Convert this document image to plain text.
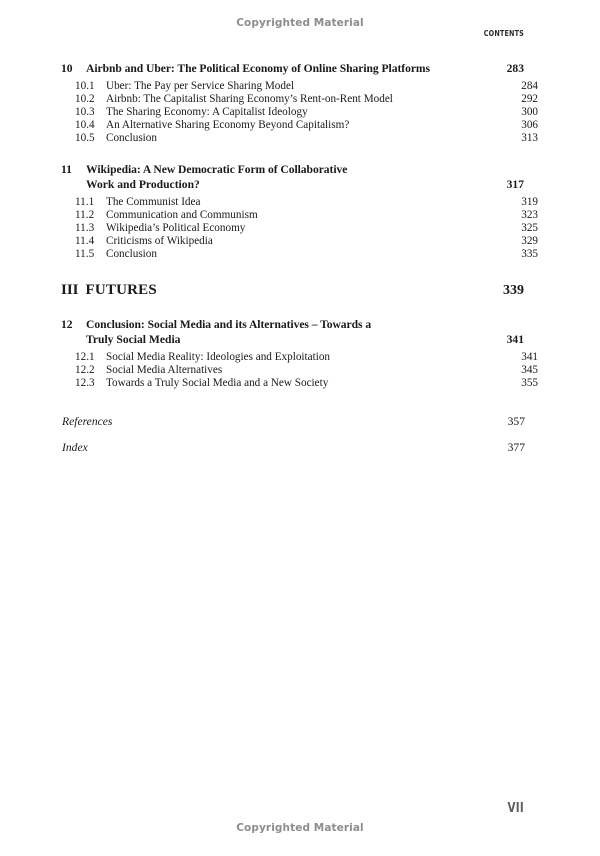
Copyrighted Material
CONTENTS
10	Airbnb and Uber: The Political Economy of Online Sharing Platforms	283
10.1	Uber: The Pay per Service Sharing Model	284
10.2	Airbnb: The Capitalist Sharing Economy’s Rent-on-Rent Model	292
10.3	The Sharing Economy: A Capitalist Ideology	300
10.4	An Alternative Sharing Economy Beyond Capitalism?	306
10.5	Conclusion	313
11	Wikipedia: A New Democratic Form of Collaborative
Work and Production?	317
11.1	The Communist Idea	319
11.2	Communication and Communism	323
11.3	Wikipedia’s Political Economy	325
11.4	Criticisms of Wikipedia	329
11.5	Conclusion	335
III FUTURES	339
12	Conclusion: Social Media and its Alternatives – Towards a
Truly Social Media	341
12.1	Social Media Reality: Ideologies and Exploitation	341
12.2	Social Media Alternatives	345
12.3	Towards a Truly Social Media and a New Society	355
References	357
Index	377
VII
Copyrighted Material
